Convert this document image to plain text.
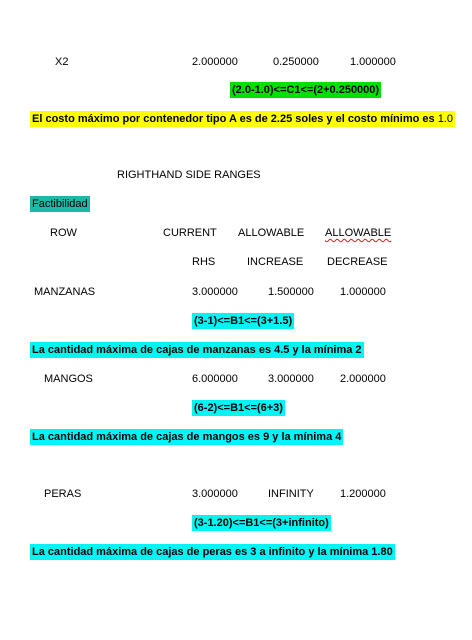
X2	2.000000	0.250000	1.000000
(2.0-1.0)<=C1<=(2+0.250000)
El costo máximo por contenedor tipo A es de 2.25 soles y el costo mínimo es 1.0
RIGHTHAND SIDE RANGES
Factibilidad
ROW	CURRENT ALLOWABLE ALLOWABLE
RHS	INCREASE DECREASE
MANZANAS	3.000000	1.500000 1.000000
(3-1)<=B1<=(3+1.5)
La cantidad máxima de cajas de manzanas es 4.5 y la mínima 2
MANGOS	6.000000	3.000000 2.000000
(6-2)<=B1<=(6+3)
La cantidad máxima de cajas de mangos es 9 y la mínima 4
PERAS	3.000000	INFINITY 1.200000
(3-1.20)<=B1<=(3+infinito)
La cantidad máxima de cajas de peras es 3 a infinito y la mínima 1.80
